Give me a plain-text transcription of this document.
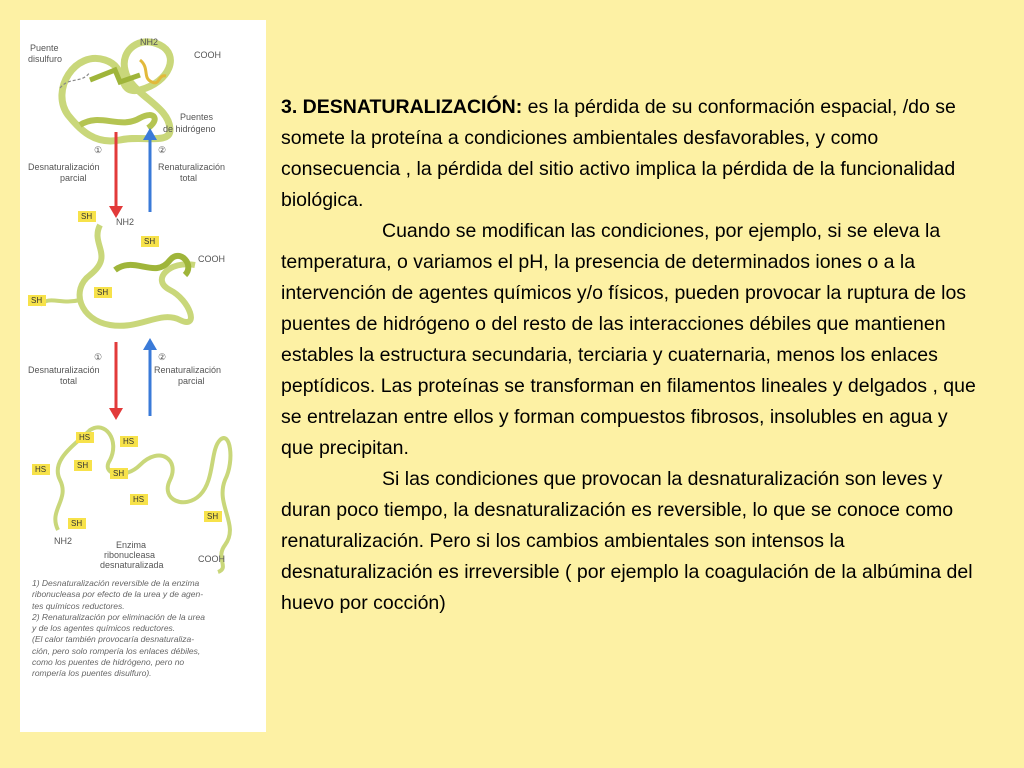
Puente
disulfuro
NH2
COOH
Puentes
de hidrógeno
①	②
Desnaturalización
parcial
Renaturalización
total
SH
NH2
SH
COOH
SH
SH
①	②
Desnaturalización
total
Renaturalización
parcial
HS	HS
HS	SH
SH
HS
SH
SH
NH2	Enzima
ribonucleasa
desnaturalizada
COOH
1) Desnaturalización reversible de la enzima
ribonucleasa por efecto de la urea y de agen-
tes químicos reductores.
2) Renaturalización por eliminación de la urea
y de los agentes químicos reductores.
(El calor también provocaría desnaturaliza-
ción, pero solo rompería los enlaces débiles,
como los puentes de hidrógeno, pero no
rompería los puentes disulfuro).

3. DESNATURALIZACIÓN: es la pérdida de su conformación espacial, /do se somete la proteína a condiciones ambientales desfavorables, y como consecuencia , la pérdida del sitio activo implica la pérdida de la funcionalidad biológica.

Cuando se modifican las condiciones, por ejemplo, si se eleva la temperatura, o variamos el pH, la presencia de determinados iones o a la intervención de agentes químicos y/o físicos, pueden provocar la ruptura de los puentes de hidrógeno o del resto de las interacciones débiles que mantienen estables la estructura secundaria, terciaria y cuaternaria, menos los enlaces peptídicos. Las proteínas se transforman en filamentos lineales y delgados , que se entrelazan entre ellos y forman compuestos fibrosos, insolubles en agua y que precipitan.

Si las condiciones que provocan la desnaturalización son leves y duran poco tiempo, la desnaturalización es reversible, lo que se conoce como renaturalización. Pero si los cambios ambientales son intensos la desnaturalización es irreversible ( por ejemplo la coagulación de la albúmina del huevo por cocción)
